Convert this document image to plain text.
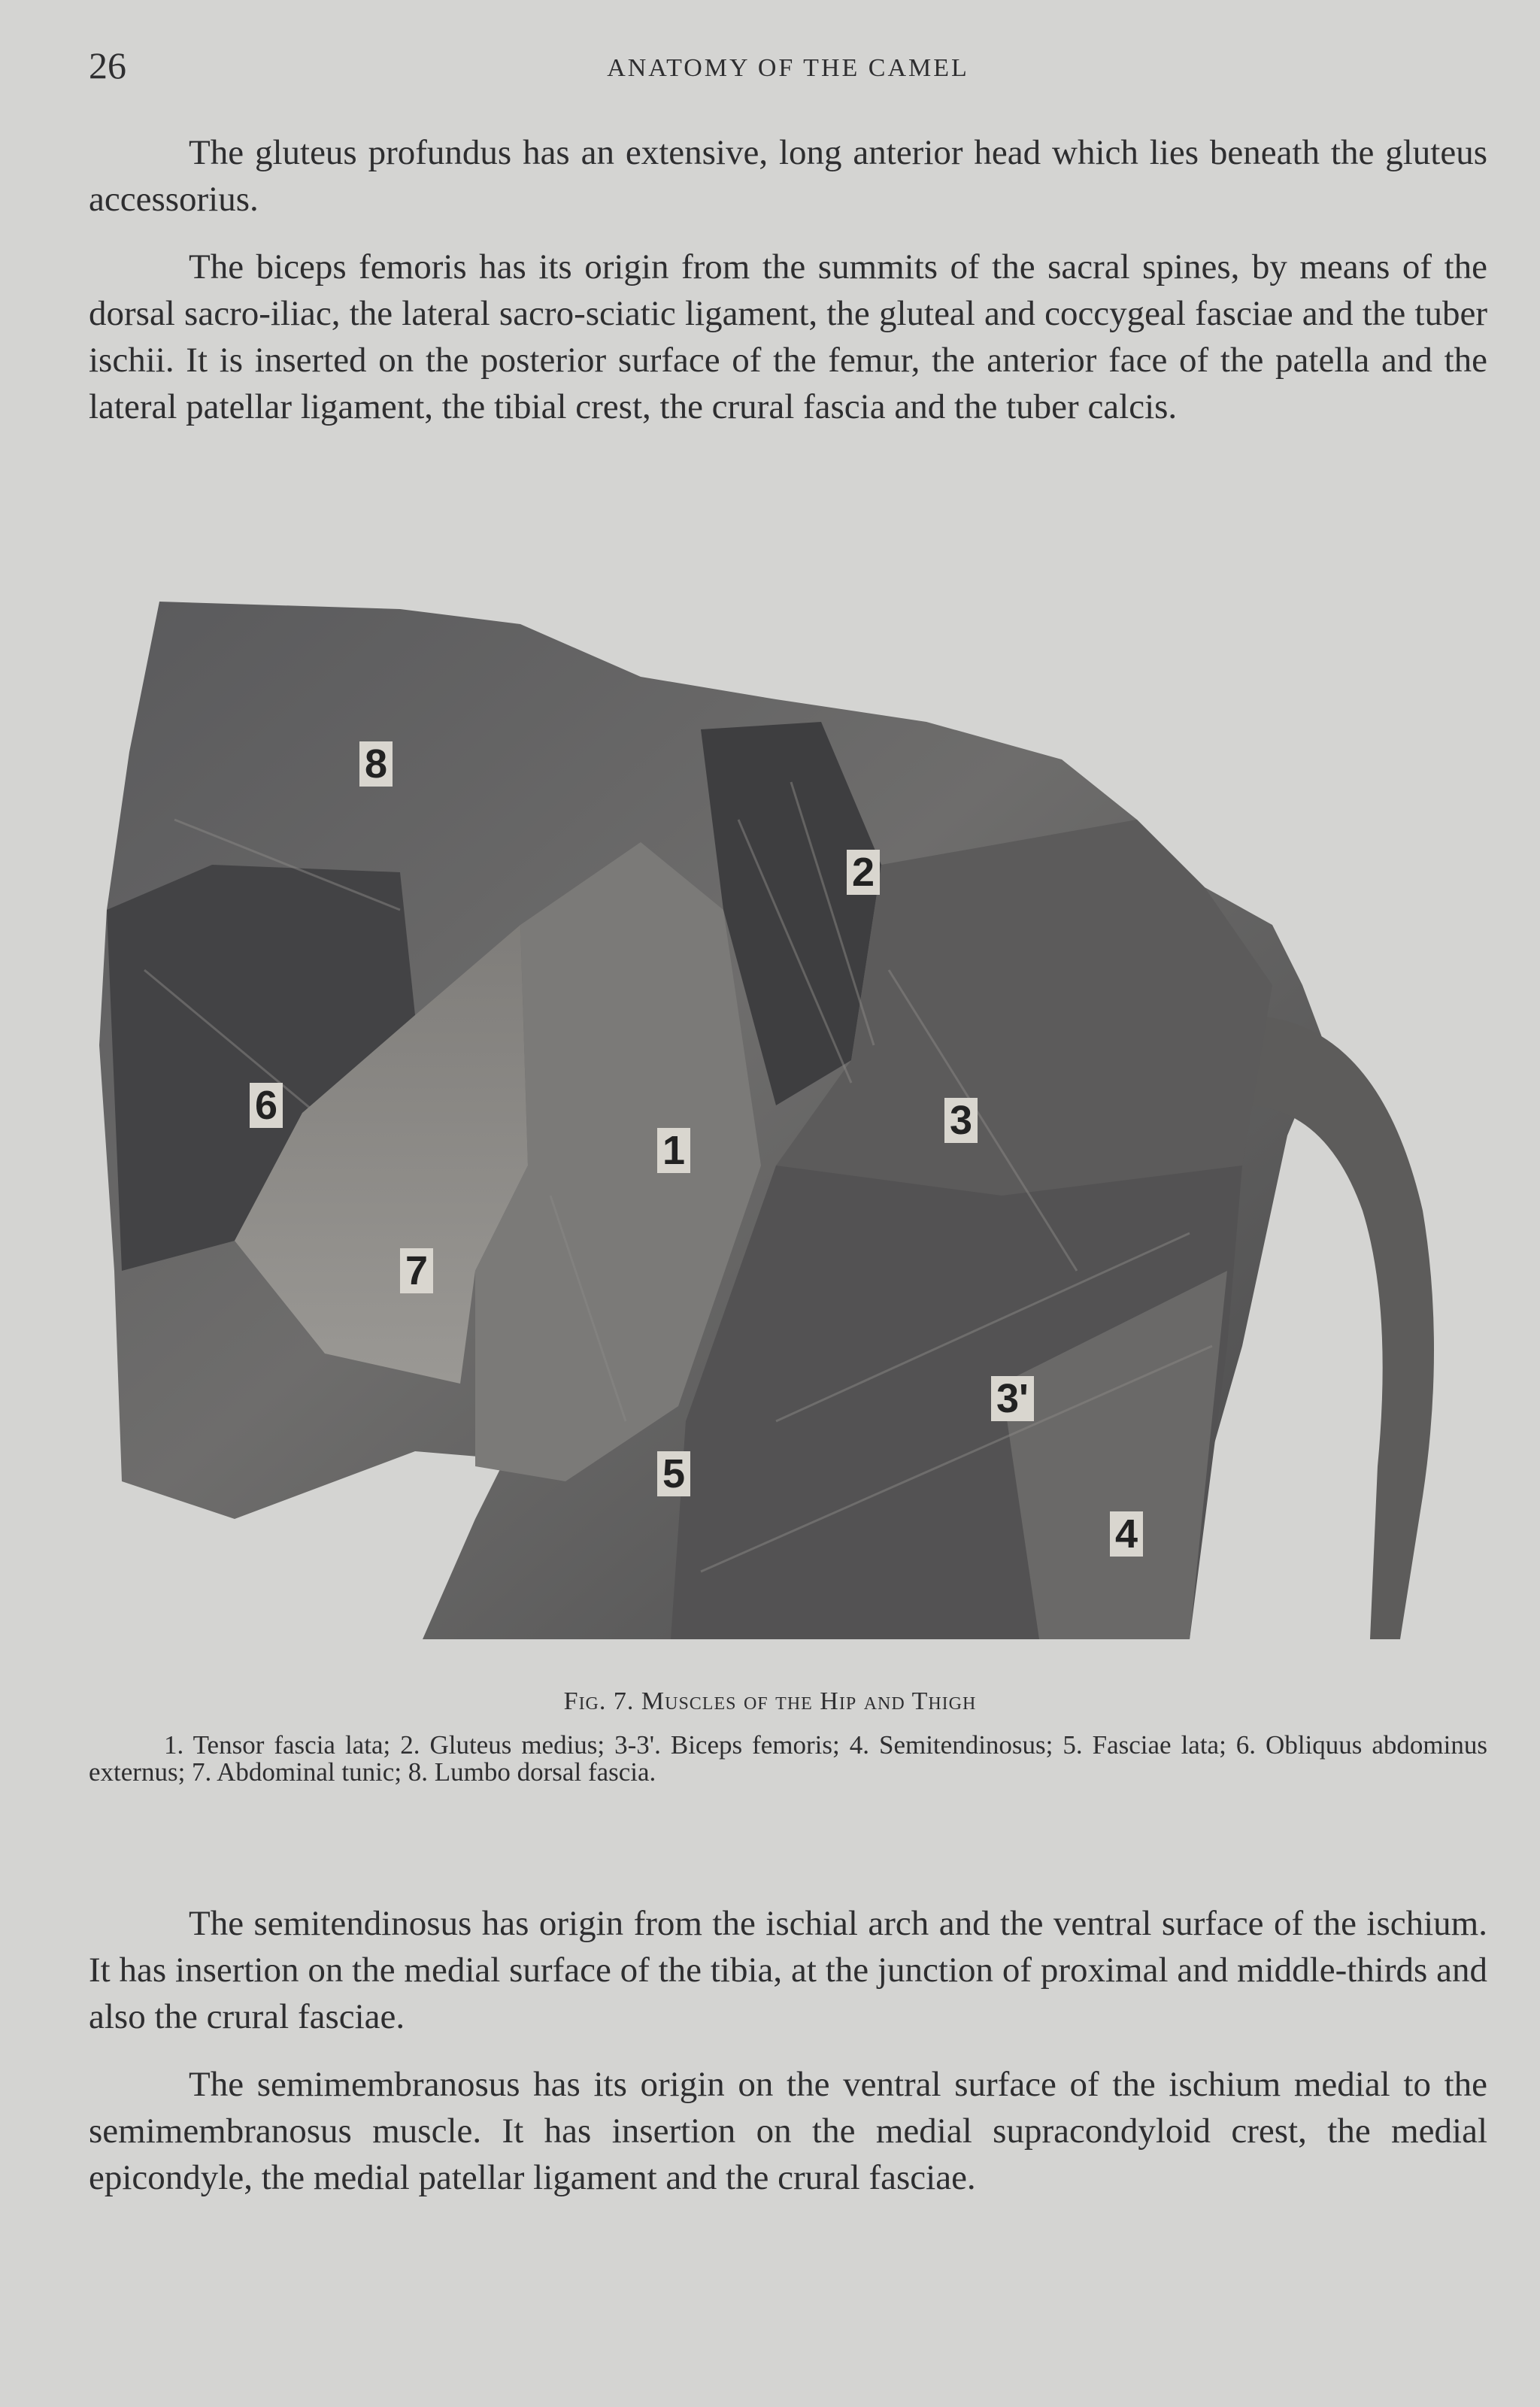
26	ANATOMY OF THE CAMEL

The gluteus profundus has an extensive, long anterior head which lies beneath the gluteus accessorius.

The biceps femoris has its origin from the summits of the sacral spines, by means of the dorsal sacro-iliac, the lateral sacro-sciatic ligament, the gluteal and coccygeal fasciae and the tuber ischii. It is inserted on the posterior surface of the femur, the anterior face of the patella and the lateral patellar ligament, the tibial crest, the crural fascia and the tuber calcis.

8
2
6
1
3
7
3'
5
4
Fig. 7. Muscles of the Hip and Thigh

1. Tensor fascia lata; 2. Gluteus medius; 3-3'. Biceps femoris; 4. Semitendinosus; 5. Fasciae lata; 6. Obliquus abdominus externus; 7. Abdominal tunic; 8. Lumbo dorsal fascia.

The semitendinosus has origin from the ischial arch and the ventral surface of the ischium. It has insertion on the medial surface of the tibia, at the junction of proximal and middle-thirds and also the crural fasciae.

The semimembranosus has its origin on the ventral surface of the ischium medial to the semimembranosus muscle. It has insertion on the medial supracondyloid crest, the medial epicondyle, the medial patellar ligament and the crural fasciae.
